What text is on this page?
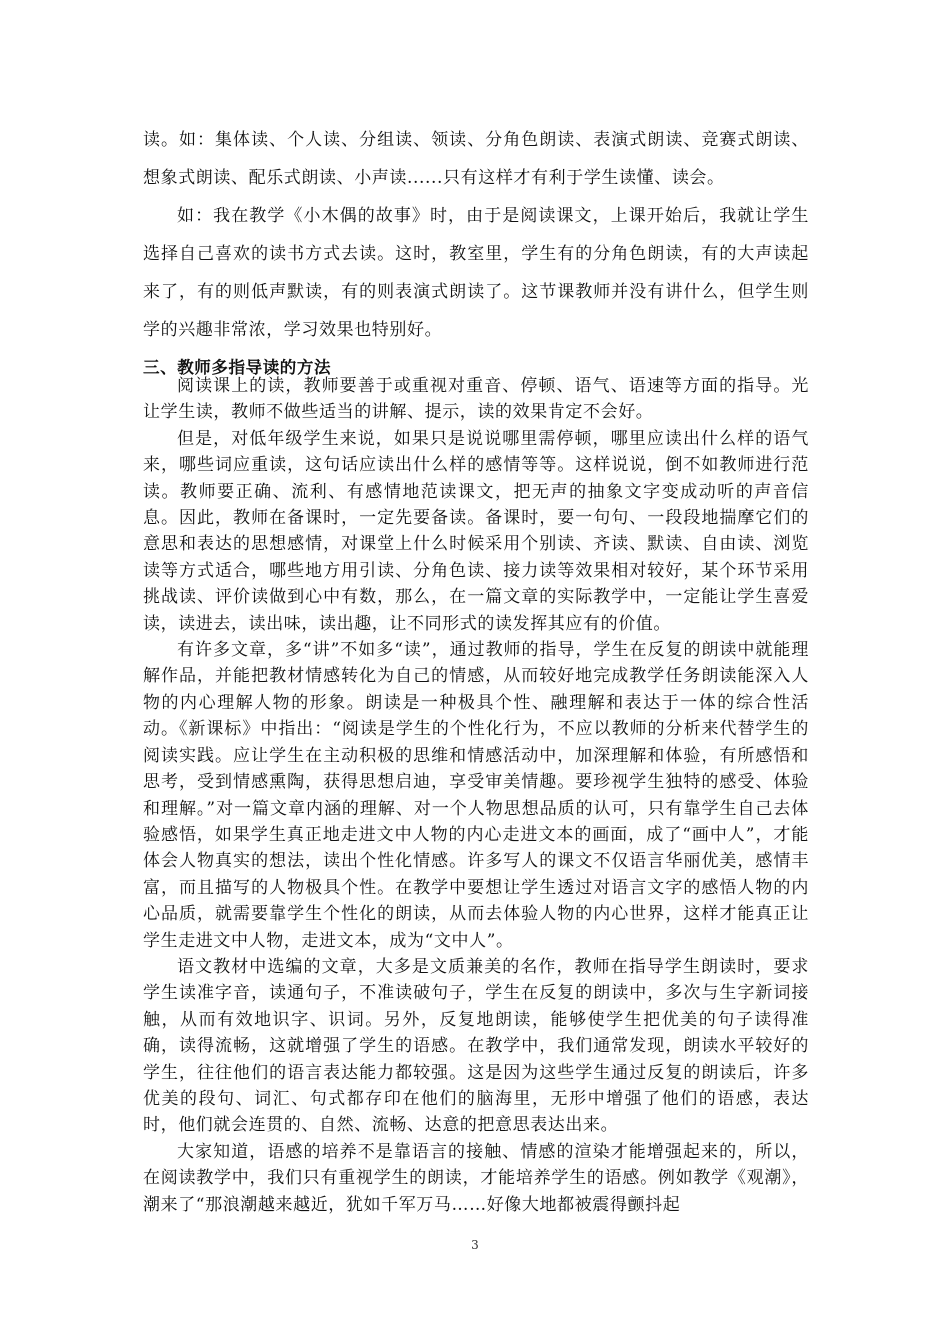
读。如：集体读、个人读、分组读、领读、分角色朗读、表演式朗读、竞赛式朗读、想象式朗读、配乐式朗读、小声读......只有这样才有利于学生读懂、读会。

如：我在教学《小木偶的故事》时，由于是阅读课文，上课开始后，我就让学生选择自己喜欢的读书方式去读。这时，教室里，学生有的分角色朗读，有的大声读起来了，有的则低声默读，有的则表演式朗读了。这节课教师并没有讲什么，但学生则学的兴趣非常浓，学习效果也特别好。

三、教师多指导读的方法

阅读课上的读，教师要善于或重视对重音、停顿、语气、语速等方面的指导。光让学生读，教师不做些适当的讲解、提示，读的效果肯定不会好。

但是，对低年级学生来说，如果只是说说哪里需停顿，哪里应读出什么样的语气来，哪些词应重读，这句话应读出什么样的感情等等。这样说说，倒不如教师进行范读。教师要正确、流利、有感情地范读课文，把无声的抽象文字变成动听的声音信息。因此，教师在备课时，一定先要备读。备课时，要一句句、一段段地揣摩它们的意思和表达的思想感情，对课堂上什么时候采用个别读、齐读、默读、自由读、浏览读等方式适合，哪些地方用引读、分角色读、接力读等效果相对较好，某个环节采用挑战读、评价读做到心中有数，那么，在一篇文章的实际教学中，一定能让学生喜爱读，读进去，读出味，读出趣，让不同形式的读发挥其应有的价值。

有许多文章，多“讲”不如多“读”，通过教师的指导，学生在反复的朗读中就能理解作品，并能把教材情感转化为自己的情感，从而较好地完成教学任务朗读能深入人物的内心理解人物的形象。朗读是一种极具个性、融理解和表达于一体的综合性活动。《新课标》中指出：“阅读是学生的个性化行为，不应以教师的分析来代替学生的阅读实践。应让学生在主动积极的思维和情感活动中，加深理解和体验，有所感悟和思考，受到情感熏陶，获得思想启迪，享受审美情趣。要珍视学生独特的感受、体验和理解。”对一篇文章内涵的理解、对一个人物思想品质的认可，只有靠学生自己去体验感悟，如果学生真正地走进文中人物的内心走进文本的画面，成了“画中人”，才能体会人物真实的想法，读出个性化情感。许多写人的课文不仅语言华丽优美，感情丰富，而且描写的人物极具个性。在教学中要想让学生透过对语言文字的感悟人物的内心品质，就需要靠学生个性化的朗读，从而去体验人物的内心世界，这样才能真正让学生走进文中人物，走进文本，成为“文中人”。

语文教材中选编的文章，大多是文质兼美的名作，教师在指导学生朗读时，要求学生读准字音，读通句子，不准读破句子，学生在反复的朗读中，多次与生字新词接触，从而有效地识字、识词。另外，反复地朗读，能够使学生把优美的句子读得准确，读得流畅，这就增强了学生的语感。在教学中，我们通常发现，朗读水平较好的学生，往往他们的语言表达能力都较强。这是因为这些学生通过反复的朗读后，许多优美的段句、词汇、句式都存印在他们的脑海里，无形中增强了他们的语感，表达时，他们就会连贯的、自然、流畅、达意的把意思表达出来。

大家知道，语感的培养不是靠语言的接触、情感的渲染才能增强起来的，所以，在阅读教学中，我们只有重视学生的朗读，才能培养学生的语感。例如教学《观潮》，潮来了“那浪潮越来越近，犹如千军万马……好像大地都被震得颤抖起

3
